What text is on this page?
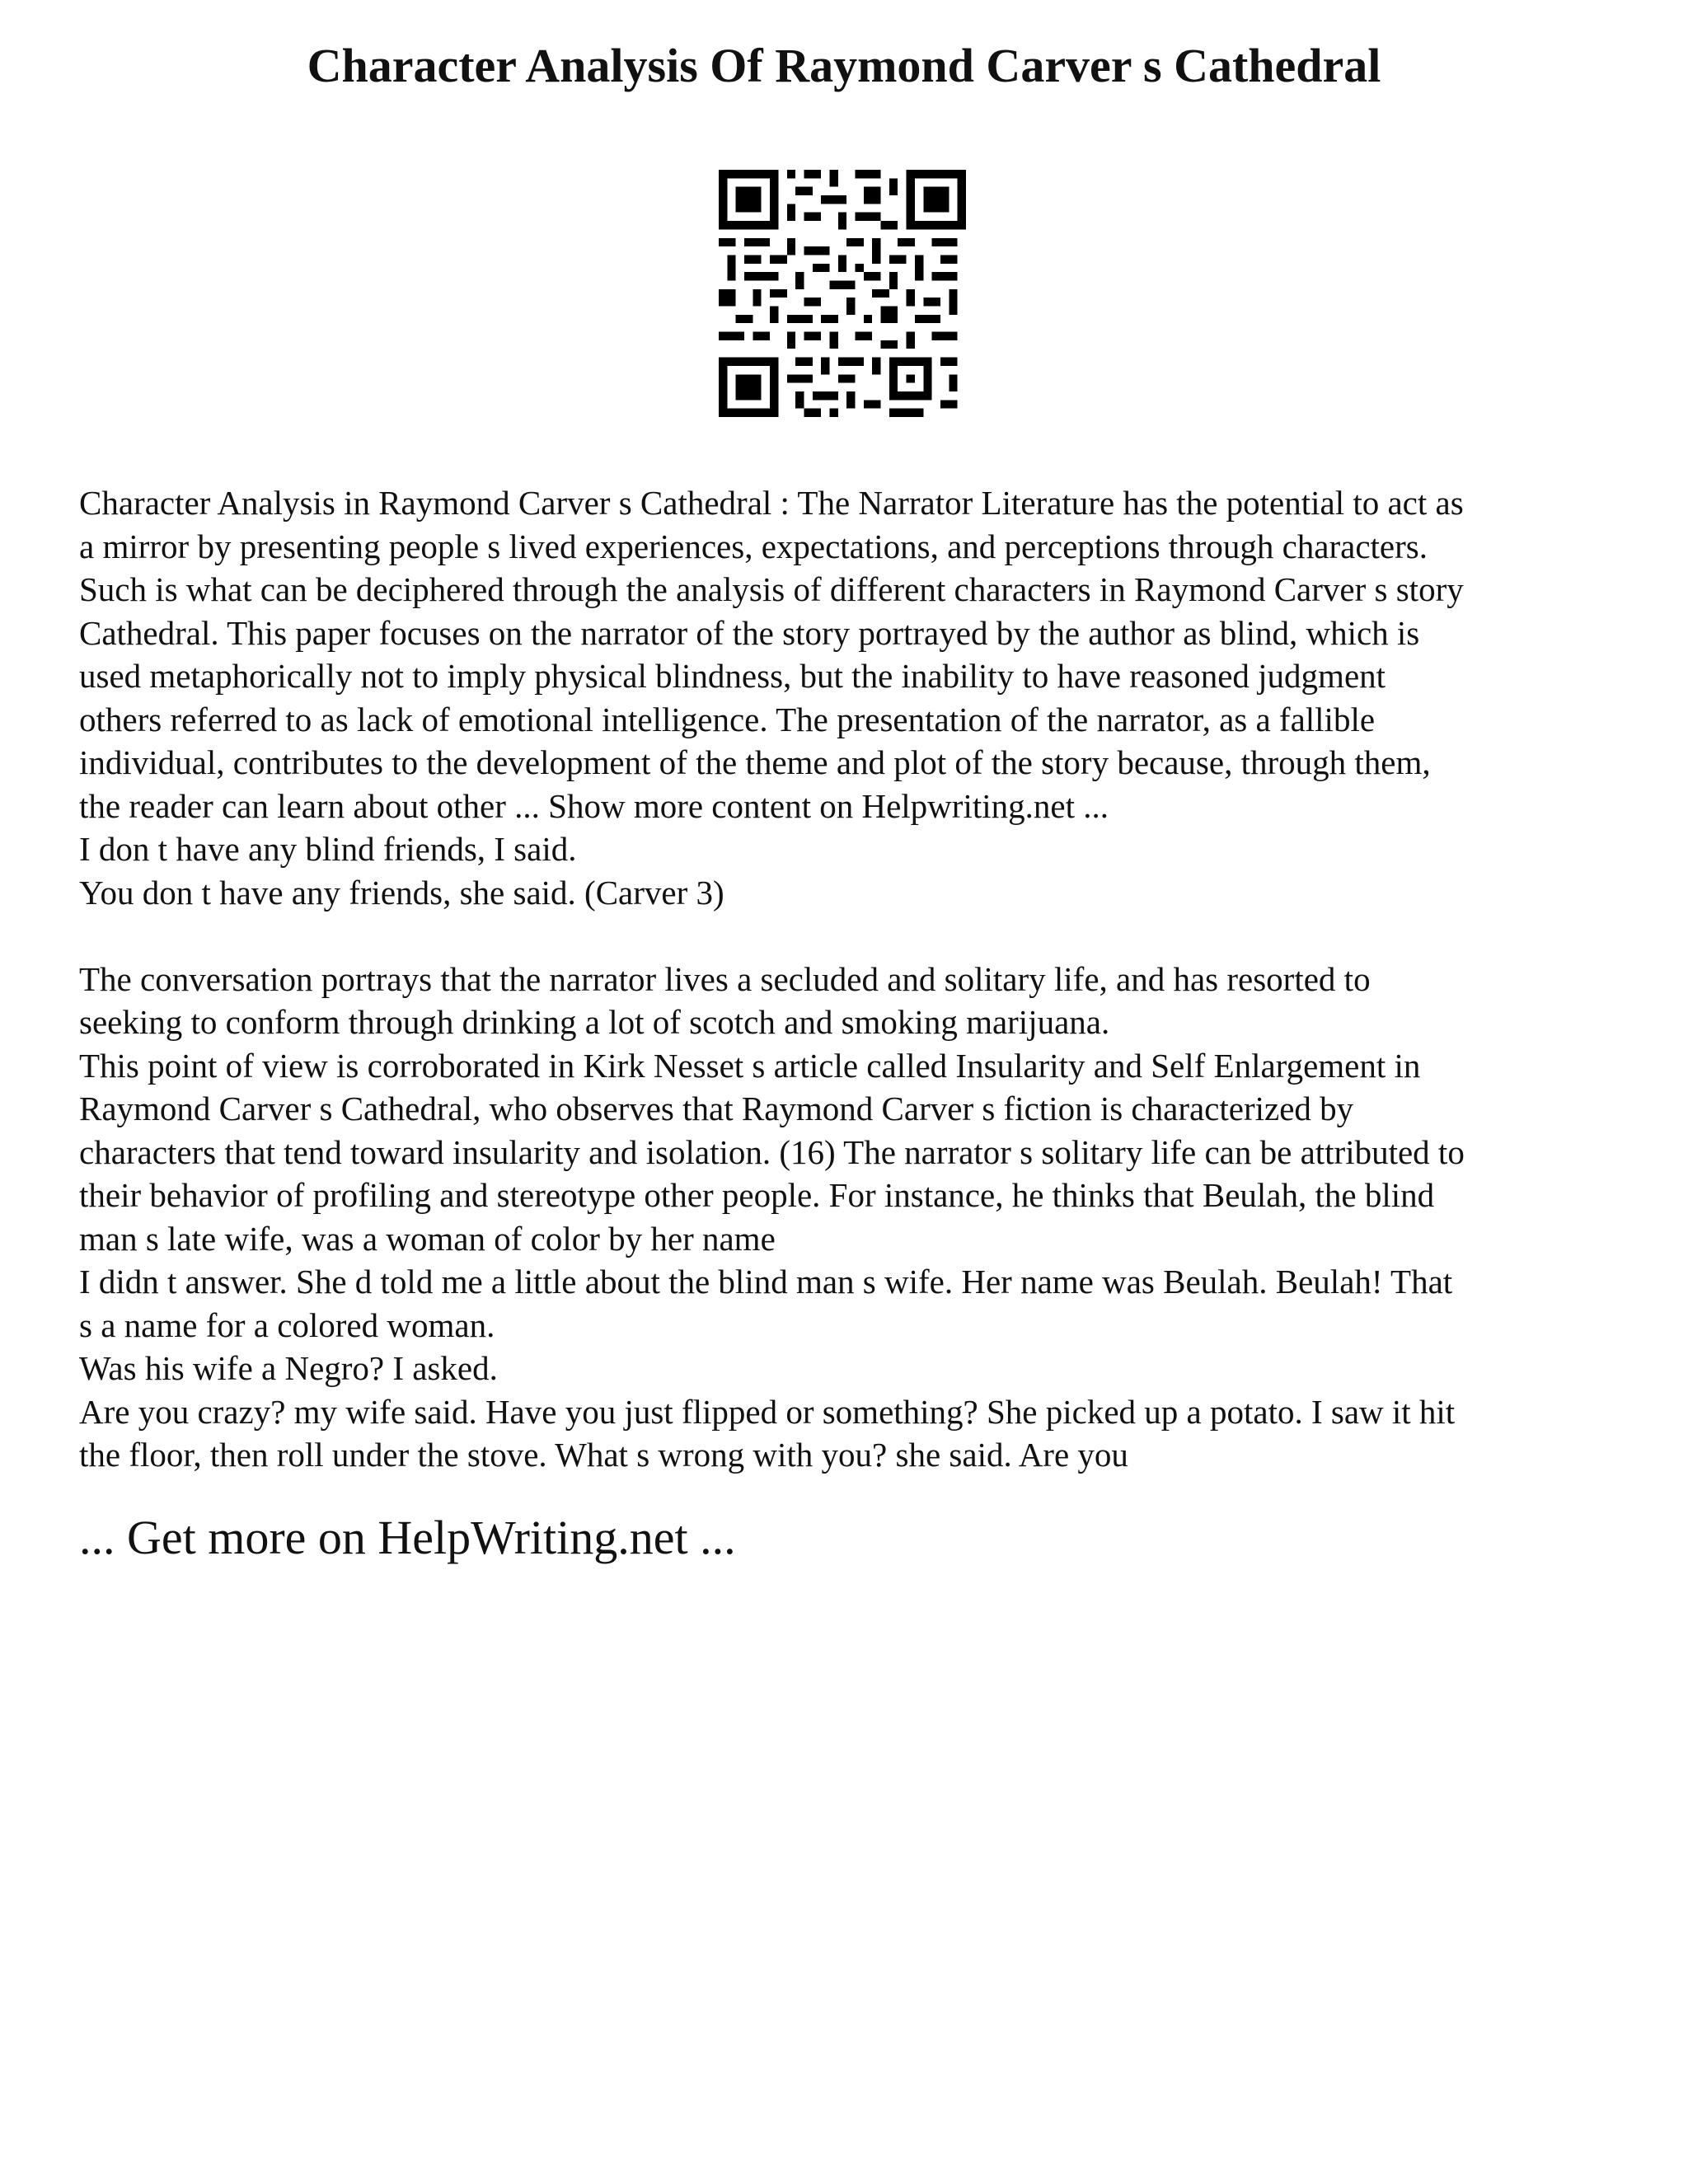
Character Analysis Of Raymond Carver s Cathedral
Character Analysis in Raymond Carver s Cathedral : The Narrator Literature has the potential to act as
a mirror by presenting people s lived experiences, expectations, and perceptions through characters.
Such is what can be deciphered through the analysis of different characters in Raymond Carver s story
Cathedral. This paper focuses on the narrator of the story portrayed by the author as blind, which is
used metaphorically not to imply physical blindness, but the inability to have reasoned judgment
others referred to as lack of emotional intelligence. The presentation of the narrator, as a fallible
individual, contributes to the development of the theme and plot of the story because, through them,
the reader can learn about other ... Show more content on Helpwriting.net ...
I don t have any blind friends, I said.
You don t have any friends, she said. (Carver 3)
The conversation portrays that the narrator lives a secluded and solitary life, and has resorted to
seeking to conform through drinking a lot of scotch and smoking marijuana.
This point of view is corroborated in Kirk Nesset s article called Insularity and Self Enlargement in
Raymond Carver s Cathedral, who observes that Raymond Carver s fiction is characterized by
characters that tend toward insularity and isolation. (16) The narrator s solitary life can be attributed to
their behavior of profiling and stereotype other people. For instance, he thinks that Beulah, the blind
man s late wife, was a woman of color by her name
I didn t answer. She d told me a little about the blind man s wife. Her name was Beulah. Beulah! That
s a name for a colored woman.
Was his wife a Negro? I asked.
Are you crazy? my wife said. Have you just flipped or something? She picked up a potato. I saw it hit
the floor, then roll under the stove. What s wrong with you? she said. Are you
... Get more on HelpWriting.net ...
